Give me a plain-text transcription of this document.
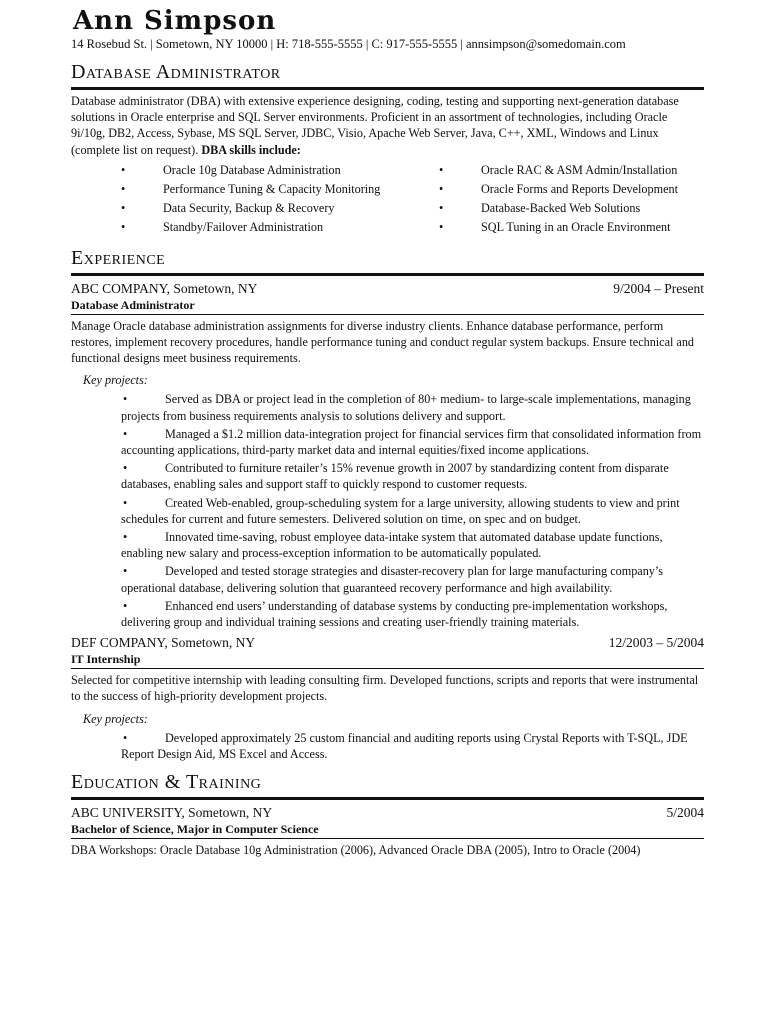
Ann Simpson
14 Rosebud St. | Sometown, NY 10000 | H: 718-555-5555 | C: 917-555-5555 | annsimpson@somedomain.com
Database Administrator
Database administrator (DBA) with extensive experience designing, coding, testing and supporting next-generation database solutions in Oracle enterprise and SQL Server environments. Proficient in an assortment of technologies, including Oracle 9i/10g, DB2, Access, Sybase, MS SQL Server, JDBC, Visio, Apache Web Server, Java, C++, XML, Windows and Linux (complete list on request). DBA skills include:
•	Oracle 10g Database Administration
•	Performance Tuning & Capacity Monitoring
•	Data Security, Backup & Recovery
•	Standby/Failover Administration
•	Oracle RAC & ASM Admin/Installation
•	Oracle Forms and Reports Development
•	Database-Backed Web Solutions
•	SQL Tuning in an Oracle Environment
Experience
ABC COMPANY, Sometown, NY	9/2004 – Present
Database Administrator
Manage Oracle database administration assignments for diverse industry clients. Enhance database performance, perform restores, implement recovery procedures, handle performance tuning and conduct regular system backups. Ensure technical and functional designs meet business requirements.
Key projects:
•	Served as DBA or project lead in the completion of 80+ medium- to large-scale implementations, managing projects from business requirements analysis to solutions delivery and support.
•	Managed a $1.2 million data-integration project for financial services firm that consolidated information from accounting applications, third-party market data and internal equities/fixed income applications.
•	Contributed to furniture retailer’s 15% revenue growth in 2007 by standardizing content from disparate databases, enabling sales and support staff to quickly respond to customer requests.
•	Created Web-enabled, group-scheduling system for a large university, allowing students to view and print schedules for current and future semesters. Delivered solution on time, on spec and on budget.
•	Innovated time-saving, robust employee data-intake system that automated database update functions, enabling new salary and process-exception information to be automatically populated.
•	Developed and tested storage strategies and disaster-recovery plan for large manufacturing company’s operational database, delivering solution that guaranteed recovery performance and high availability.
•	Enhanced end users’ understanding of database systems by conducting pre-implementation workshops, delivering group and individual training sessions and creating user-friendly training materials.
DEF COMPANY, Sometown, NY	12/2003 – 5/2004
IT Internship
Selected for competitive internship with leading consulting firm. Developed functions, scripts and reports that were instrumental to the success of high-priority development projects.
Key projects:
•	Developed approximately 25 custom financial and auditing reports using Crystal Reports with T-SQL, JDE Report Design Aid, MS Excel and Access.
Education & Training
ABC UNIVERSITY, Sometown, NY	5/2004
Bachelor of Science, Major in Computer Science
DBA Workshops: Oracle Database 10g Administration (2006), Advanced Oracle DBA (2005), Intro to Oracle (2004)
